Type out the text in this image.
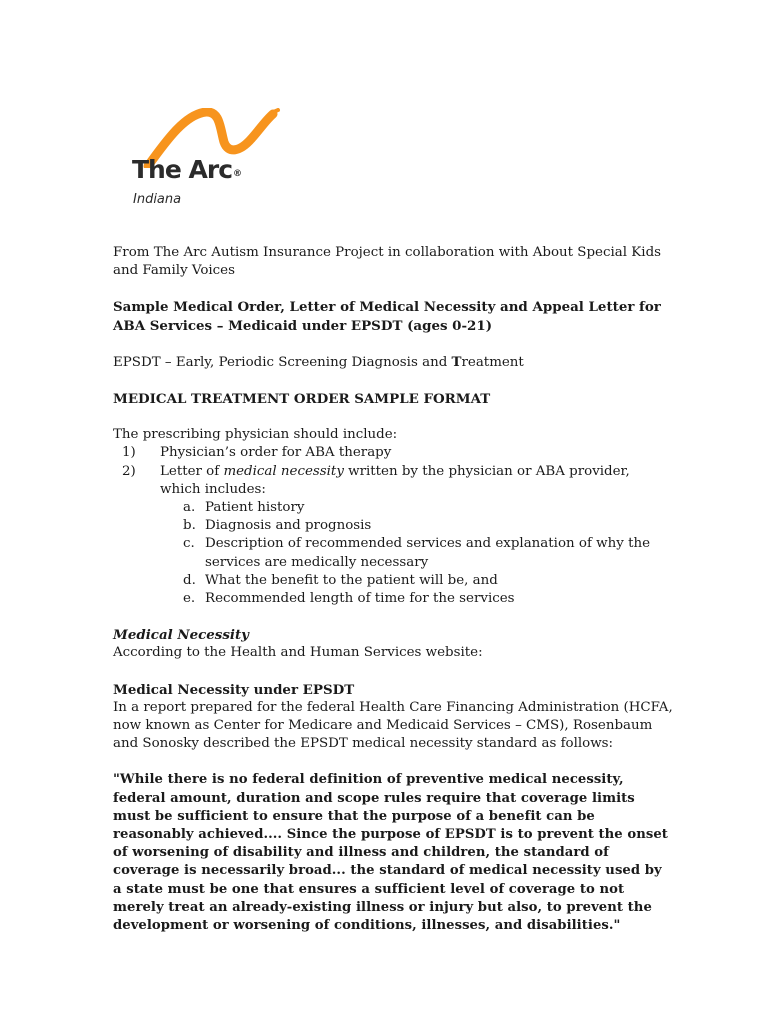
The Arc®
Indiana

From The Arc Autism Insurance Project in collaboration with About Special Kids and Family Voices

Sample Medical Order, Letter of Medical Necessity and Appeal Letter for ABA Services – Medicaid under EPSDT (ages 0-21)

EPSDT – Early, Periodic Screening Diagnosis and Treatment

MEDICAL TREATMENT ORDER SAMPLE FORMAT

The prescribing physician should include:

1) Physician’s order for ABA therapy
2) Letter of medical necessity written by the physician or ABA provider, which includes:
a. Patient history
b. Diagnosis and prognosis
c. Description of recommended services and explanation of why the services are medically necessary
d. What the benefit to the patient will be, and
e. Recommended length of time for the services

Medical Necessity

According to the Health and Human Services website:

Medical Necessity under EPSDT

In a report prepared for the federal Health Care Financing Administration (HCFA, now known as Center for Medicare and Medicaid Services – CMS), Rosenbaum and Sonosky described the EPSDT medical necessity standard as follows:

"While there is no federal definition of preventive medical necessity, federal amount, duration and scope rules require that coverage limits must be sufficient to ensure that the purpose of a benefit can be reasonably achieved.... Since the purpose of EPSDT is to prevent the onset of worsening of disability and illness and children, the standard of coverage is necessarily broad... the standard of medical necessity used by a state must be one that ensures a sufficient level of coverage to not merely treat an already-existing illness or injury but also, to prevent the development or worsening of conditions, illnesses, and disabilities."
